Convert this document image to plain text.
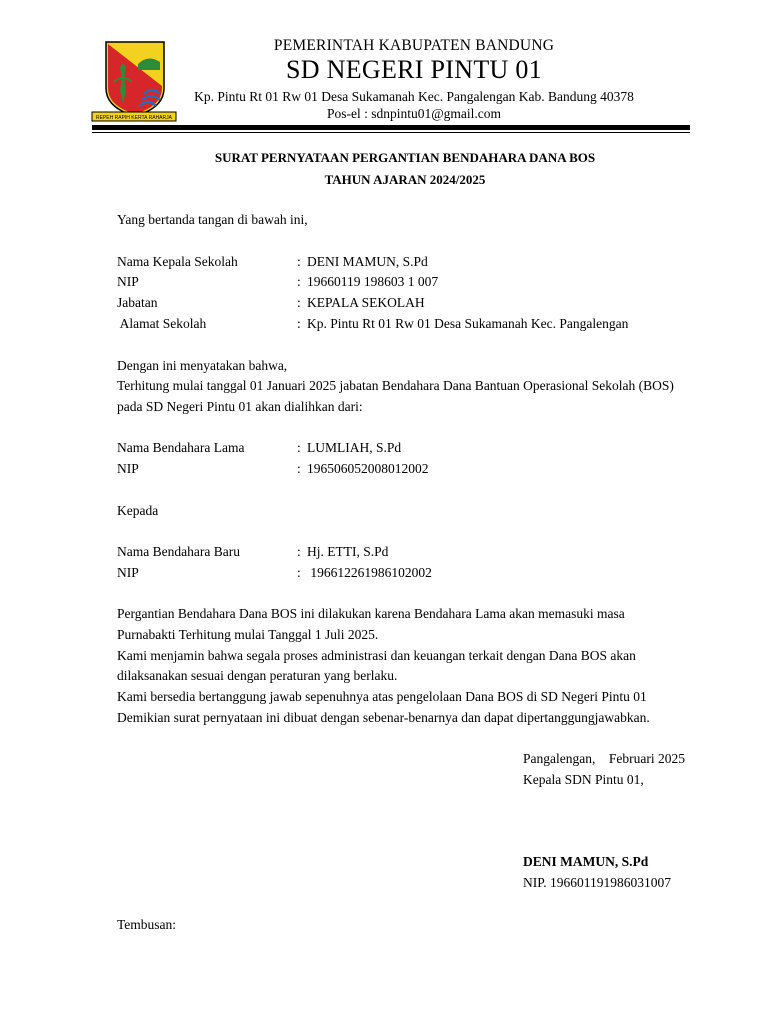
REPEH RAPIH KERTA RAHARJA
PEMERINTAH KABUPATEN BANDUNG
SD NEGERI PINTU 01
Kp. Pintu Rt 01 Rw 01 Desa Sukamanah Kec. Pangalengan Kab. Bandung 40378
Pos-el : sdnpintu01@gmail.com
SURAT PERNYATAAN PERGANTIAN BENDAHARA DANA BOS
TAHUN AJARAN 2024/2025
Yang bertanda tangan di bawah ini,
Nama Kepala Sekolah	: DENI MAMUN, S.Pd
NIP	: 19660119 198603 1 007
Jabatan	: KEPALA SEKOLAH
Alamat Sekolah	: Kp. Pintu Rt 01 Rw 01 Desa Sukamanah Kec. Pangalengan
Dengan ini menyatakan bahwa,
Terhitung mulai tanggal 01 Januari 2025 jabatan Bendahara Dana Bantuan Operasional Sekolah (BOS)
pada SD Negeri Pintu 01 akan dialihkan dari:
Nama Bendahara Lama	: LUMLIAH, S.Pd
NIP	: 196506052008012002
Kepada
Nama Bendahara Baru	: Hj. ETTI, S.Pd
NIP	: 196612261986102002
Pergantian Bendahara Dana BOS ini dilakukan karena Bendahara Lama akan memasuki masa
Purnabakti Terhitung mulai Tanggal 1 Juli 2025.
Kami menjamin bahwa segala proses administrasi dan keuangan terkait dengan Dana BOS akan
dilaksanakan sesuai dengan peraturan yang berlaku.
Kami bersedia bertanggung jawab sepenuhnya atas pengelolaan Dana BOS di SD Negeri Pintu 01
Demikian surat pernyataan ini dibuat dengan sebenar-benarnya dan dapat dipertanggungjawabkan.
Pangalengan,    Februari 2025
Kepala SDN Pintu 01,
DENI MAMUN, S.Pd
NIP. 196601191986031007
Tembusan:
